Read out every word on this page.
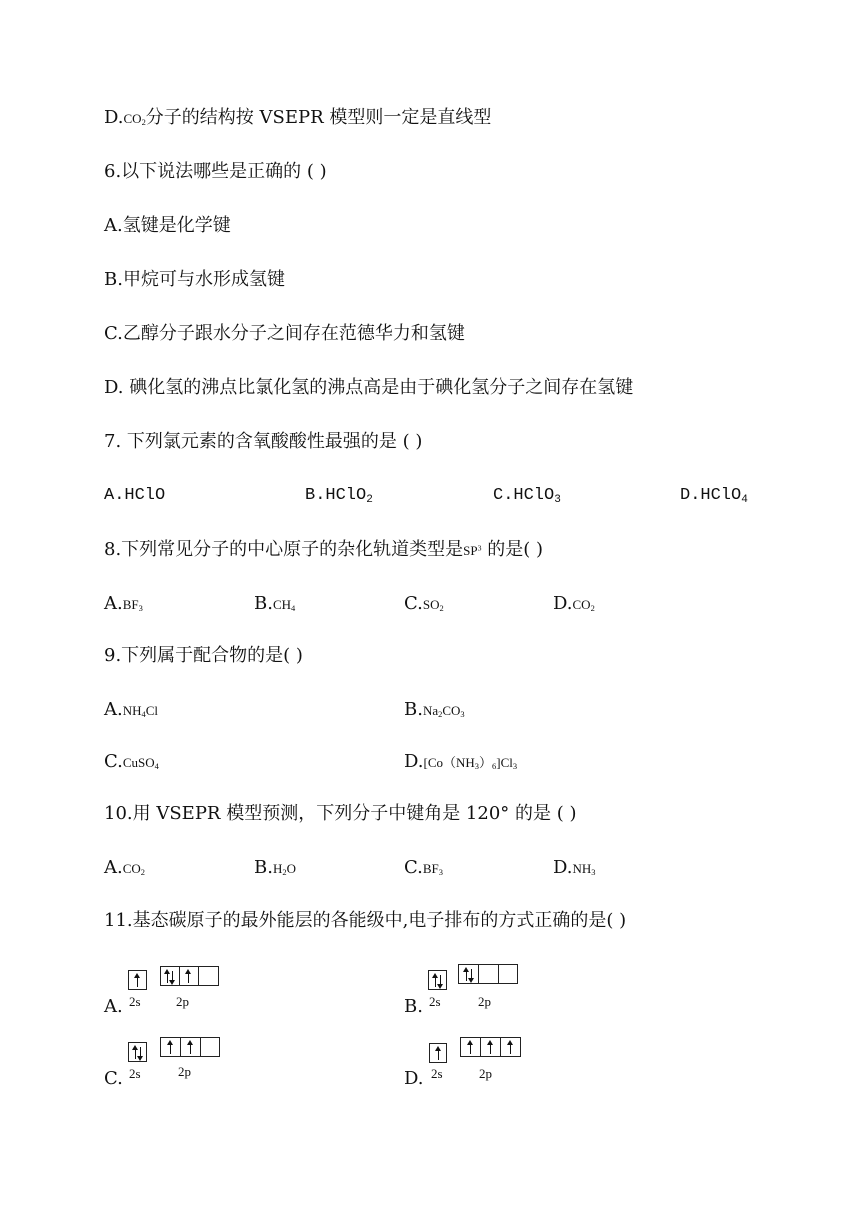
$D.CO_2$分子的结构按 VSEPR 模型则一定是直线型
6.以下说法哪些是正确的 ( )
A.氢键是化学键
B.甲烷可与水形成氢键
C.乙醇分子跟水分子之间存在范德华力和氢键
D. 碘化氢的沸点比氯化氢的沸点高是由于碘化氢分子之间存在氢键
7. 下列氯元素的含氧酸酸性最强的是 ( )
A.HClO	B.HClO$_2$	C.HClO$_3$	D.HClO$_4$
8.下列常见分子的中心原子的杂化轨道类型是$SP^3$ 的是( )
$A.BF_3$	$B.CH_4$	$C.SO_2$	$D.CO_2$
9.下列属于配合物的是( )
$A.NH_4Cl$	$B.Na_2CO_3$
C.CuSO$_4$	$D.[Co(NH_3)_6]Cl_3$
10.用 VSEPR 模型预测，下列分子中键角是 120° 的是 ( )
$A.CO_2$	$B.H_2O$	$C.BF_3$	$D.NH_3$
11.基态碳原子的最外能层的各能级中,电子排布的方式正确的是( )
A. 2s	2p	B. 2s	2p
C. 2s	2p	D. 2s	2p
